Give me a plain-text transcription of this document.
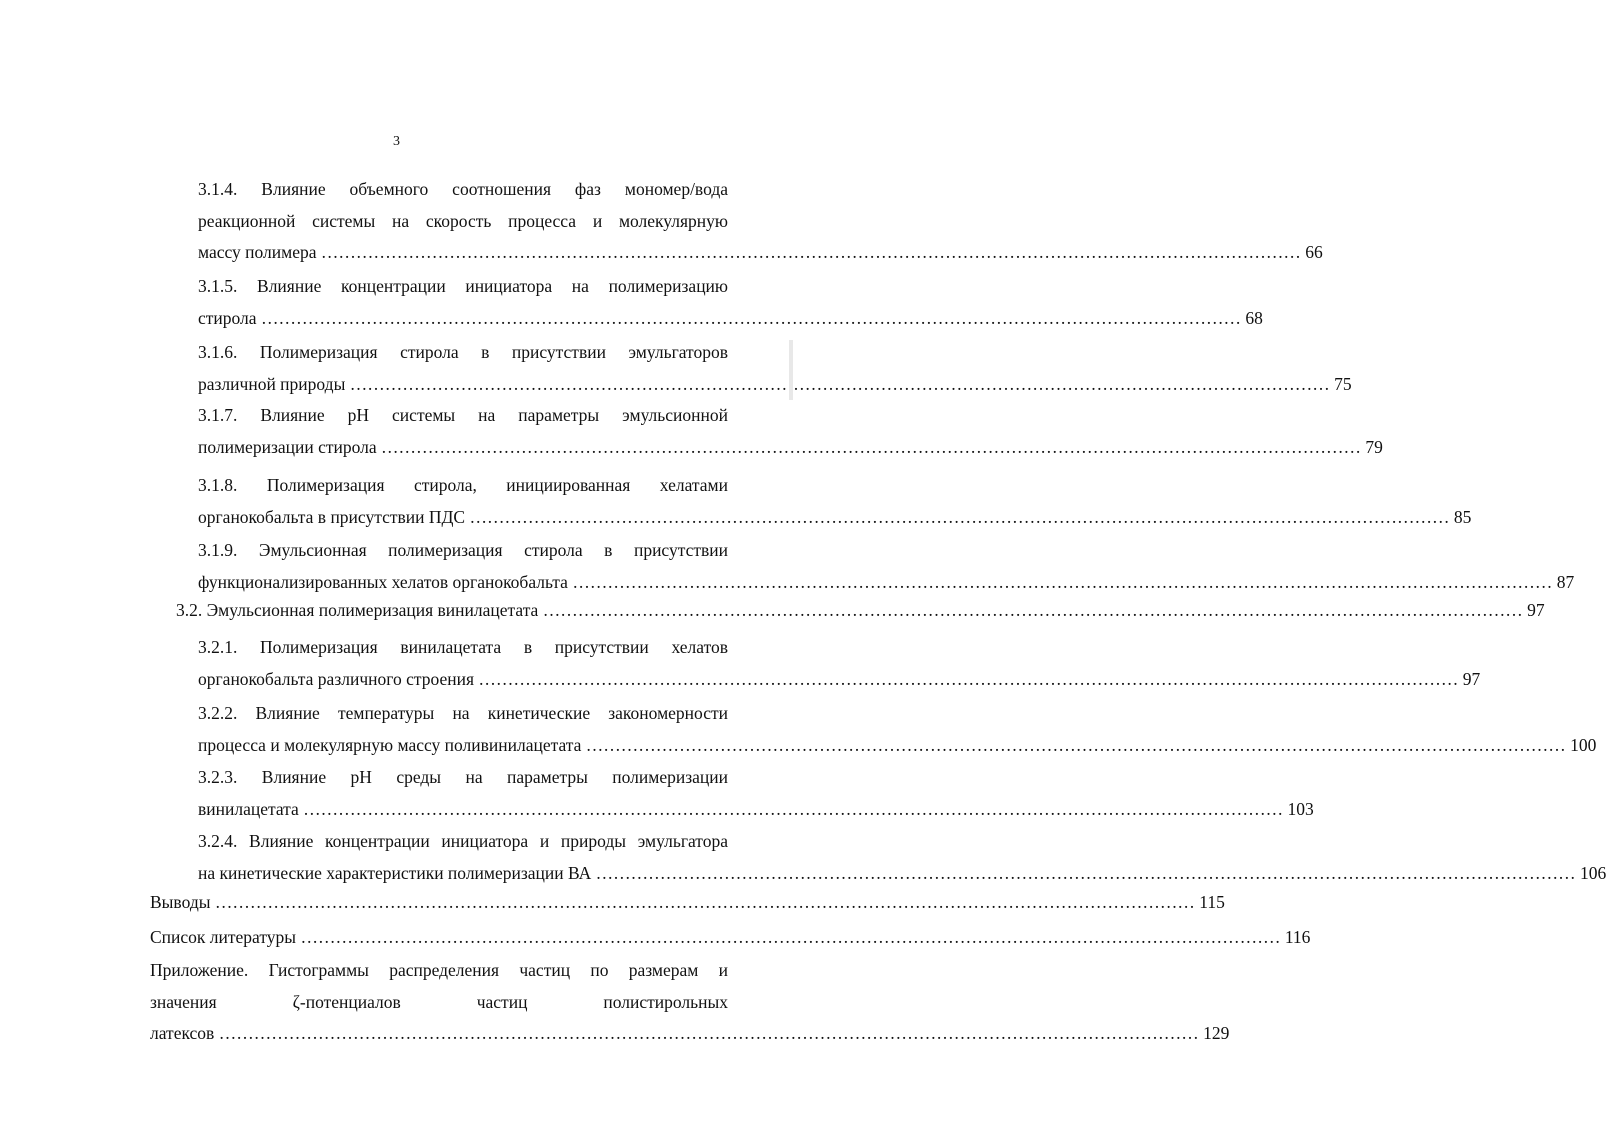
3
3.1.4. Влияние объемного соотношения фаз мономер/вода
реакционной системы на скорость процесса и молекулярную
массу полимера ……………………………………………………………………………………………………………………………………………………	66
3.1.5. Влияние концентрации инициатора на полимеризацию
стирола ……………………………………………………………………………………………………………………………………………………	68
3.1.6. Полимеризация стирола в присутствии эмульгаторов
различной природы ……………………………………………………………………………………………………………………………………………………	75
3.1.7. Влияние pH системы на параметры эмульсионной
полимеризации стирола ……………………………………………………………………………………………………………………………………………………	79
3.1.8. Полимеризация стирола, инициированная хелатами
органокобальта в присутствии ПДС ……………………………………………………………………………………………………………………………………………………	85
3.1.9. Эмульсионная полимеризация стирола в присутствии
функционализированных хелатов органокобальта ……………………………………………………………………………………………………………………………………………………	87
3.2. Эмульсионная полимеризация винилацетата ……………………………………………………………………………………………………………………………………………………	97
3.2.1. Полимеризация винилацетата в присутствии хелатов
органокобальта различного строения ……………………………………………………………………………………………………………………………………………………	97
3.2.2. Влияние температуры на кинетические закономерности
процесса и молекулярную массу поливинилацетата ……………………………………………………………………………………………………………………………………………………	100
3.2.3. Влияние pH среды на параметры полимеризации
винилацетата ……………………………………………………………………………………………………………………………………………………	103
3.2.4. Влияние концентрации инициатора и природы эмульгатора
на кинетические характеристики полимеризации ВА ……………………………………………………………………………………………………………………………………………………	106
Выводы ……………………………………………………………………………………………………………………………………………………	115
Список литературы ……………………………………………………………………………………………………………………………………………………	116
Приложение. Гистограммы распределения частиц по размерам и
значения ζ-потенциалов частиц полистирольных
латексов ……………………………………………………………………………………………………………………………………………………	129
